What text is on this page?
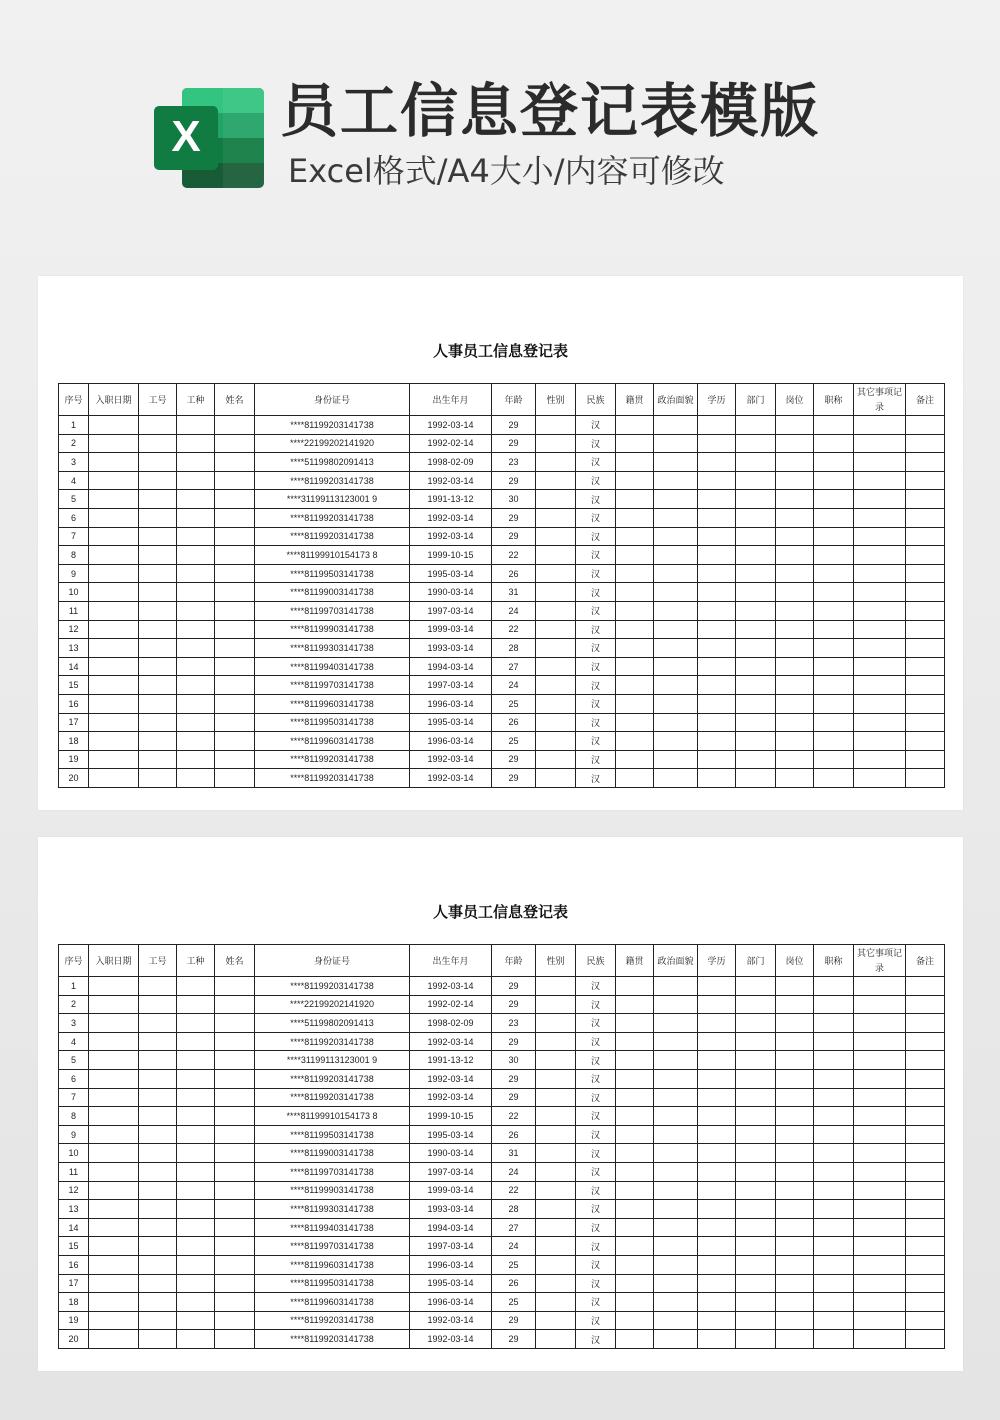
X 员工信息登记表模版
Excel格式/A4大小/内容可修改
人事员工信息登记表
序号	入职日期	工号	工种	姓名	身份证号	出生年月	年龄	性别	民族	籍贯	政治面貌	学历	部门	岗位	职称	其它事项记录	备注
1					****81199203141738	1992-03-14	29		汉								
2					****22199202141920	1992-02-14	29		汉								
3					****51199802091413	1998-02-09	23		汉								
4					****81199203141738	1992-03-14	29		汉								
5					****31199113123001 9	1991-13-12	30		汉								
6					****81199203141738	1992-03-14	29		汉								
7					****81199203141738	1992-03-14	29		汉								
8					****81199910154173 8	1999-10-15	22		汉								
9					****81199503141738	1995-03-14	26		汉								
10					****81199003141738	1990-03-14	31		汉								
11					****81199703141738	1997-03-14	24		汉								
12					****81199903141738	1999-03-14	22		汉								
13					****81199303141738	1993-03-14	28		汉								
14					****81199403141738	1994-03-14	27		汉								
15					****81199703141738	1997-03-14	24		汉								
16					****81199603141738	1996-03-14	25		汉								
17					****81199503141738	1995-03-14	26		汉								
18					****81199603141738	1996-03-14	25		汉								
19					****81199203141738	1992-03-14	29		汉								
20					****81199203141738	1992-03-14	29		汉								
人事员工信息登记表
序号	入职日期	工号	工种	姓名	身份证号	出生年月	年龄	性别	民族	籍贯	政治面貌	学历	部门	岗位	职称	其它事项记录	备注
1					****81199203141738	1992-03-14	29		汉								
2					****22199202141920	1992-02-14	29		汉								
3					****51199802091413	1998-02-09	23		汉								
4					****81199203141738	1992-03-14	29		汉								
5					****31199113123001 9	1991-13-12	30		汉								
6					****81199203141738	1992-03-14	29		汉								
7					****81199203141738	1992-03-14	29		汉								
8					****81199910154173 8	1999-10-15	22		汉								
9					****81199503141738	1995-03-14	26		汉								
10					****81199003141738	1990-03-14	31		汉								
11					****81199703141738	1997-03-14	24		汉								
12					****81199903141738	1999-03-14	22		汉								
13					****81199303141738	1993-03-14	28		汉								
14					****81199403141738	1994-03-14	27		汉								
15					****81199703141738	1997-03-14	24		汉								
16					****81199603141738	1996-03-14	25		汉								
17					****81199503141738	1995-03-14	26		汉								
18					****81199603141738	1996-03-14	25		汉								
19					****81199203141738	1992-03-14	29		汉								
20					****81199203141738	1992-03-14	29		汉								
